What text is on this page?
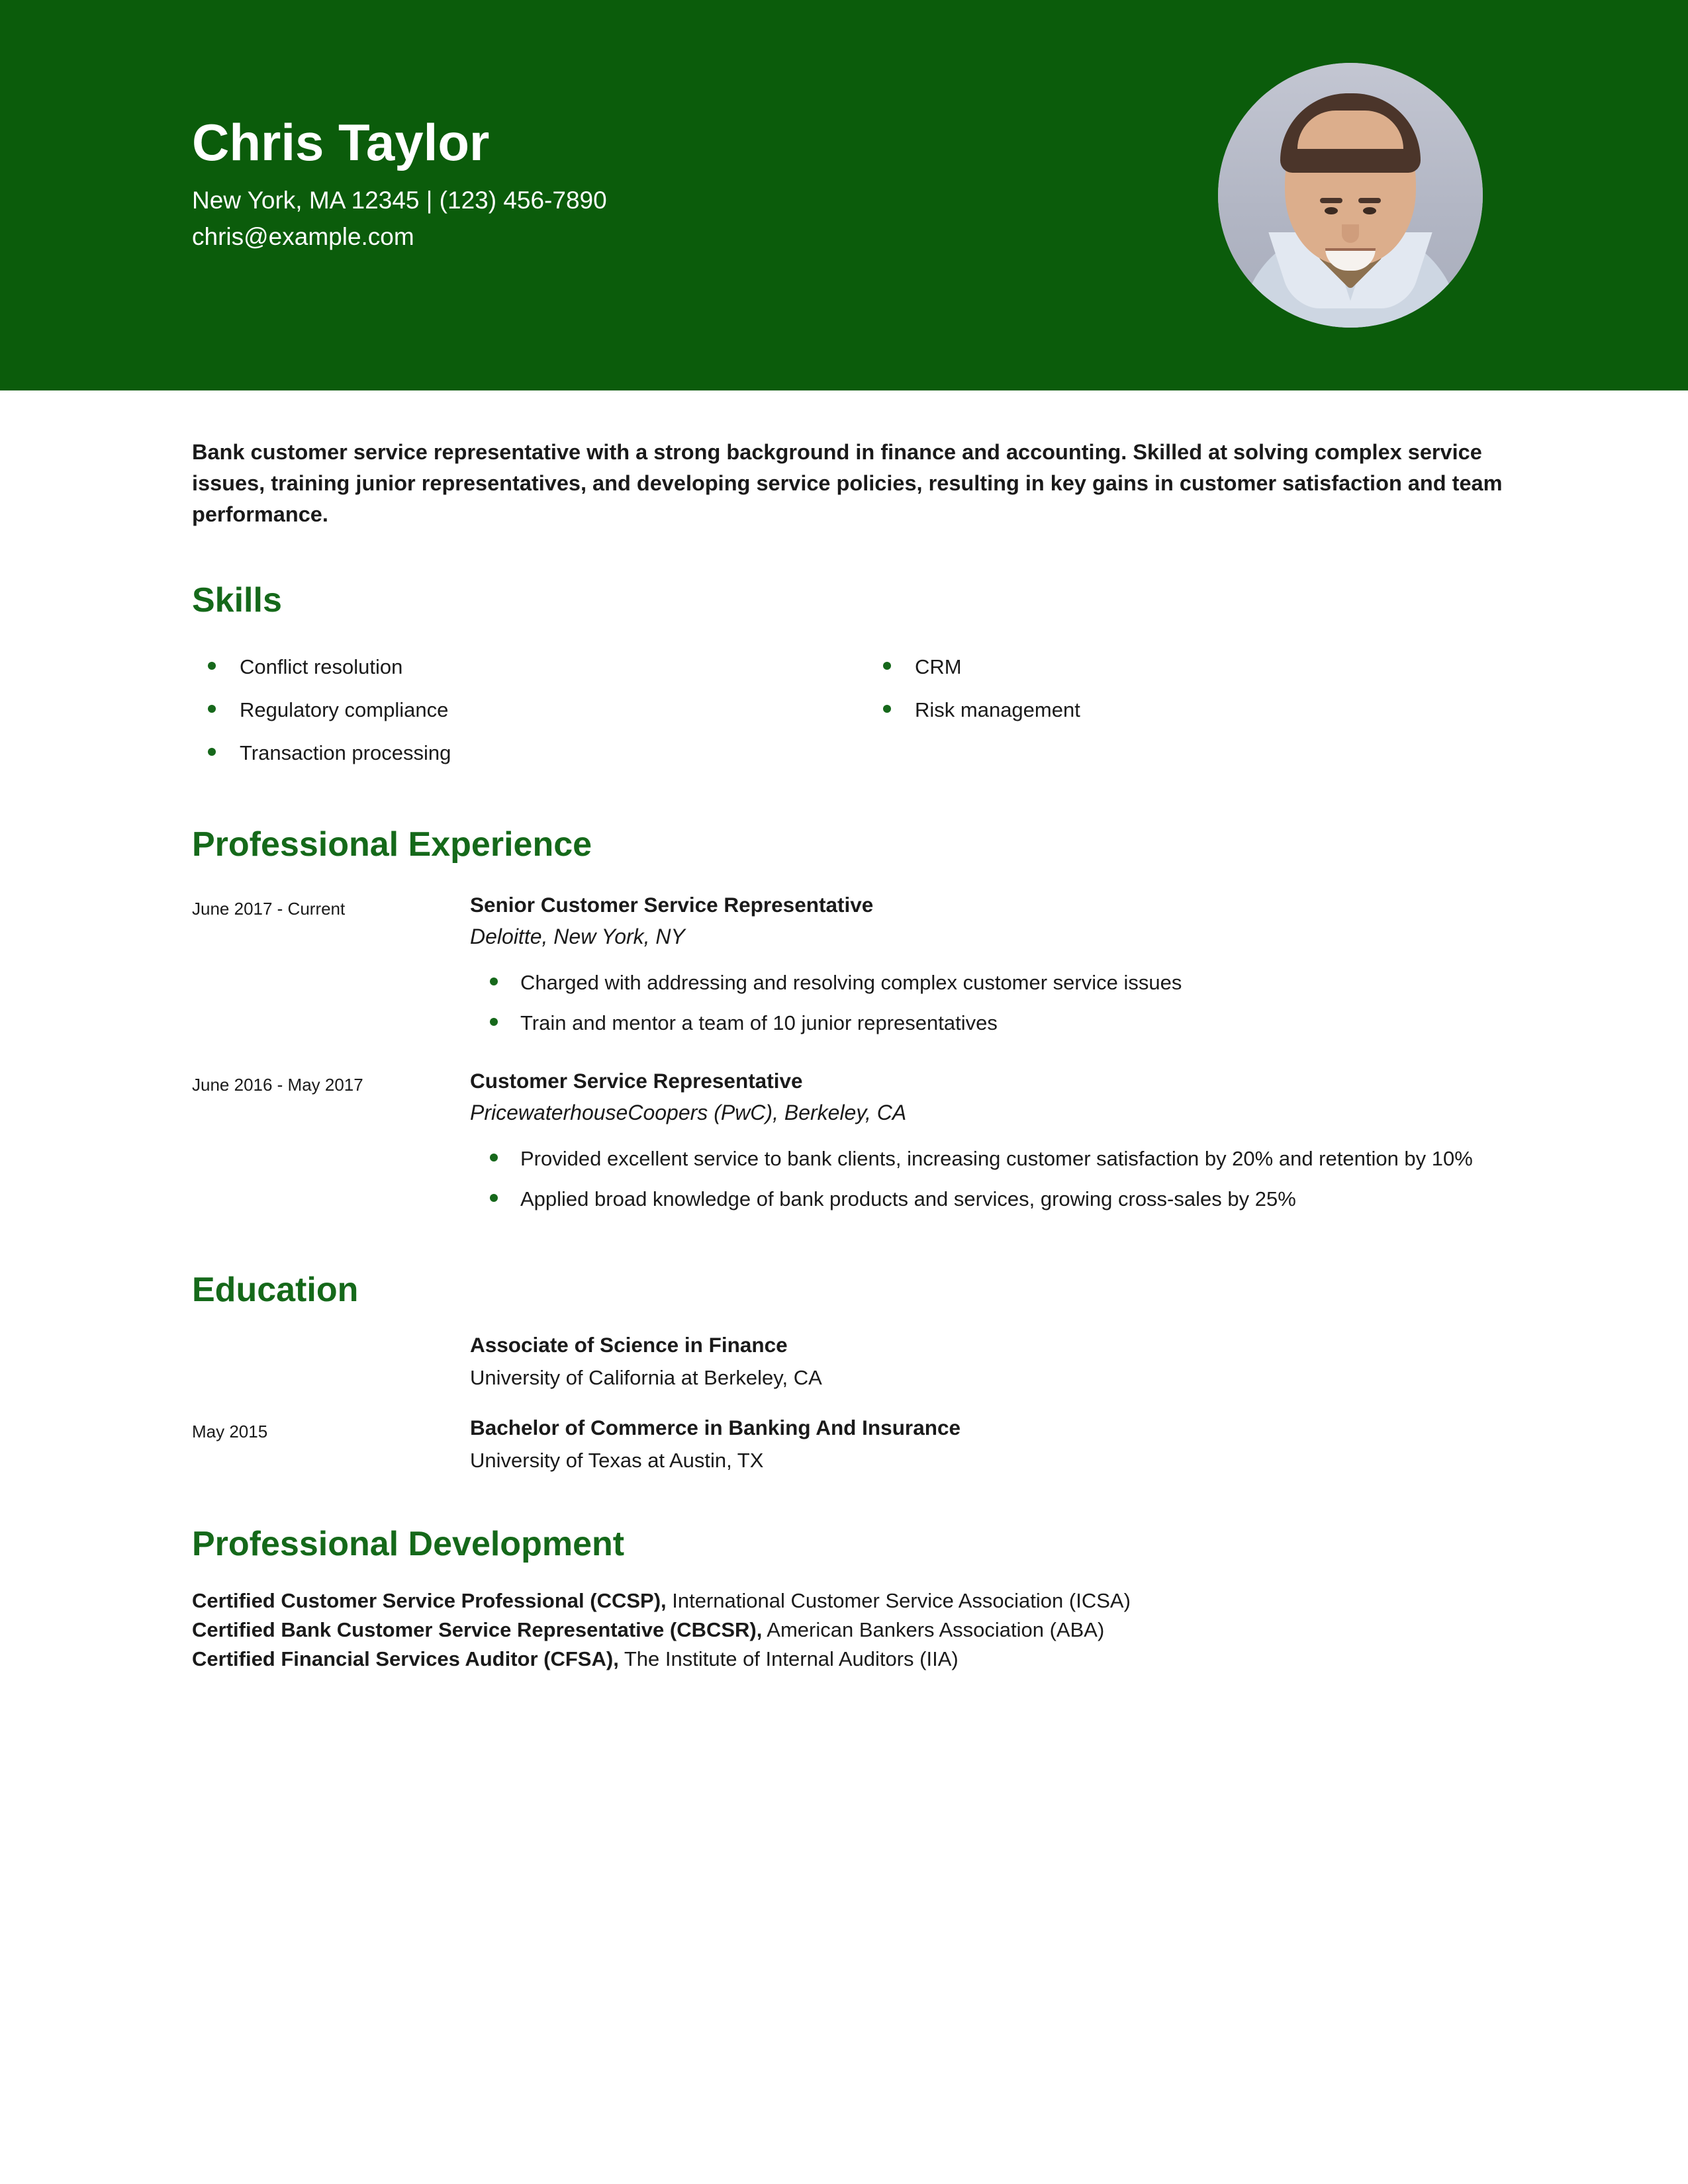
Chris Taylor
New York, MA 12345 | (123) 456-7890
chris@example.com
Bank customer service representative with a strong background in finance and accounting. Skilled at solving complex service issues, training junior representatives, and developing service policies, resulting in key gains in customer satisfaction and team performance.
Skills
Conflict resolution	CRM
Regulatory compliance	Risk management
Transaction processing
Professional Experience
June 2017 - Current	Senior Customer Service Representative
Deloitte, New York, NY
Charged with addressing and resolving complex customer service issues
Train and mentor a team of 10 junior representatives
June 2016 - May 2017	Customer Service Representative
PricewaterhouseCoopers (PwC), Berkeley, CA
Provided excellent service to bank clients, increasing customer satisfaction by 20% and retention by 10%
Applied broad knowledge of bank products and services, growing cross-sales by 25%
Education
Associate of Science in Finance
University of California at Berkeley, CA
May 2015	Bachelor of Commerce in Banking And Insurance
University of Texas at Austin, TX
Professional Development
Certified Customer Service Professional (CCSP), International Customer Service Association (ICSA)
Certified Bank Customer Service Representative (CBCSR), American Bankers Association (ABA)
Certified Financial Services Auditor (CFSA), The Institute of Internal Auditors (IIA)
